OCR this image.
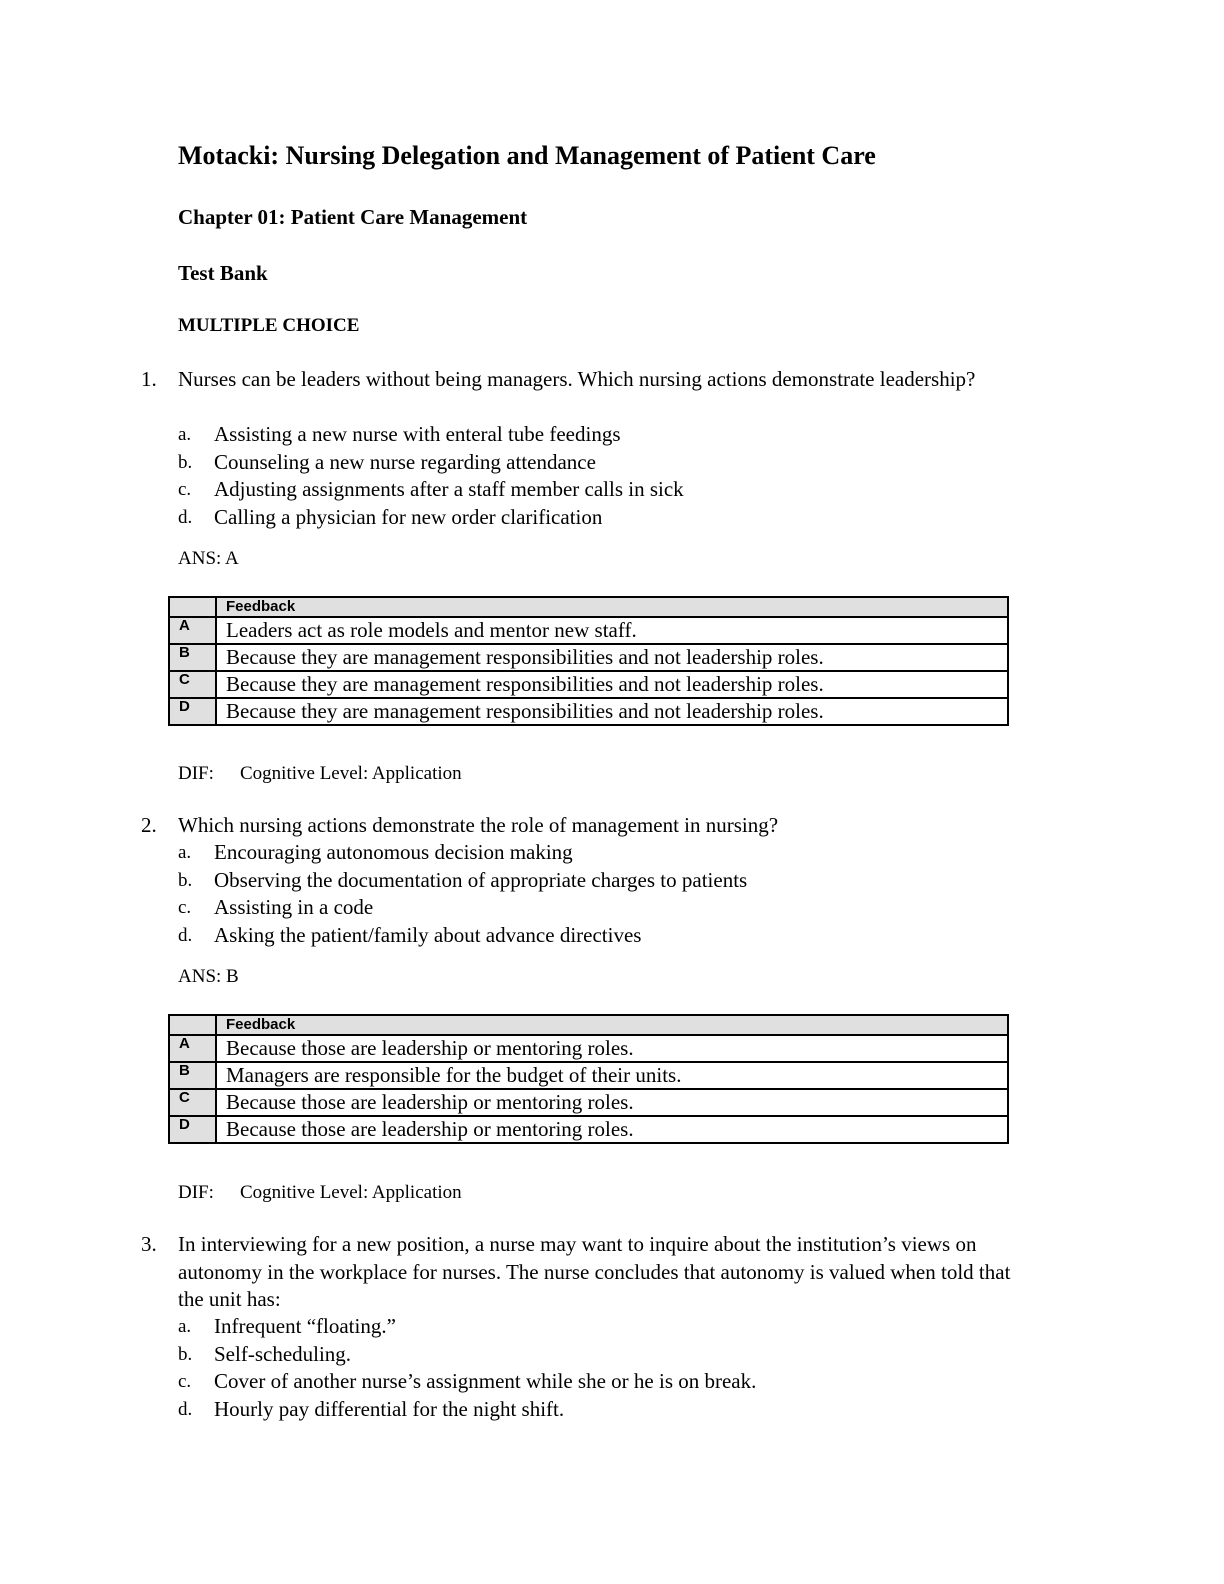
Motacki: Nursing Delegation and Management of Patient Care
Chapter 01: Patient Care Management
Test Bank
MULTIPLE CHOICE
1. Nurses can be leaders without being managers. Which nursing actions demonstrate leadership?
a.	Assisting a new nurse with enteral tube feedings
b.	Counseling a new nurse regarding attendance
c.	Adjusting assignments after a staff member calls in sick
d.	Calling a physician for new order clarification
ANS: A
	Feedback
A	Leaders act as role models and mentor new staff.
B	Because they are management responsibilities and not leadership roles.
C	Because they are management responsibilities and not leadership roles.
D	Because they are management responsibilities and not leadership roles.
DIF: Cognitive Level: Application
2. Which nursing actions demonstrate the role of management in nursing?
a.	Encouraging autonomous decision making
b.	Observing the documentation of appropriate charges to patients
c.	Assisting in a code
d.	Asking the patient/family about advance directives
ANS: B
	Feedback
A	Because those are leadership or mentoring roles.
B	Managers are responsible for the budget of their units.
C	Because those are leadership or mentoring roles.
D	Because those are leadership or mentoring roles.
DIF: Cognitive Level: Application
3. In interviewing for a new position, a nurse may want to inquire about the institution’s views on autonomy in the workplace for nurses. The nurse concludes that autonomy is valued when told that the unit has:
a.	Infrequent “floating.”
b.	Self-scheduling.
c.	Cover of another nurse’s assignment while she or he is on break.
d.	Hourly pay differential for the night shift.
